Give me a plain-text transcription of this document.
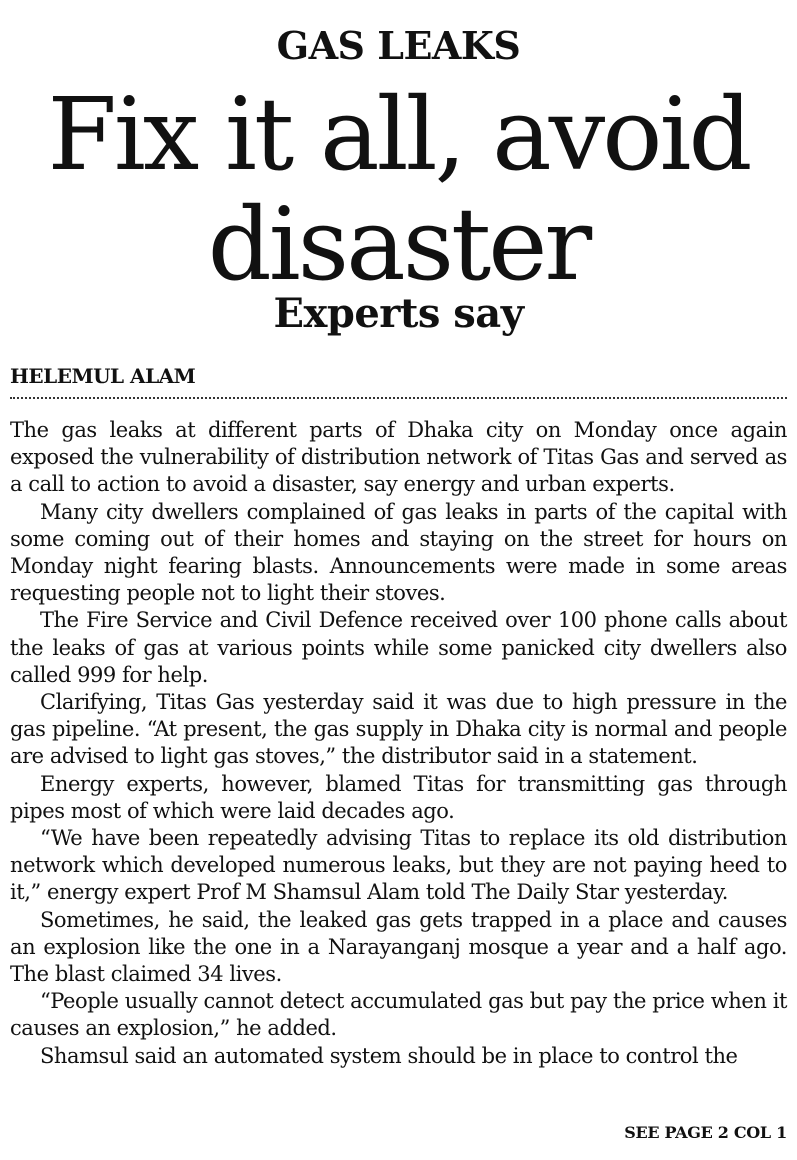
GAS LEAKS
Fix it all, avoid disaster
Experts say
HELEMUL ALAM

The gas leaks at different parts of Dhaka city on Monday once again exposed the vulnerability of distribution network of Titas Gas and served as a call to action to avoid a disaster, say energy and urban experts.

Many city dwellers complained of gas leaks in parts of the capital with some coming out of their homes and staying on the street for hours on Monday night fearing blasts. Announcements were made in some areas requesting people not to light their stoves.

The Fire Service and Civil Defence received over 100 phone calls about the leaks of gas at various points while some panicked city dwellers also called 999 for help.

Clarifying, Titas Gas yesterday said it was due to high pressure in the gas pipeline. “At present, the gas supply in Dhaka city is normal and people are advised to light gas stoves,” the distributor said in a statement.

Energy experts, however, blamed Titas for transmitting gas through pipes most of which were laid decades ago.

“We have been repeatedly advising Titas to replace its old distribution network which developed numerous leaks, but they are not paying heed to it,” energy expert Prof M Shamsul Alam told The Daily Star yesterday.

Sometimes, he said, the leaked gas gets trapped in a place and causes an explosion like the one in a Narayanganj mosque a year and a half ago. The blast claimed 34 lives.

“People usually cannot detect accumulated gas but pay the price when it causes an explosion,” he added.

Shamsul said an automated system should be in place to control the

SEE PAGE 2 COL 1
